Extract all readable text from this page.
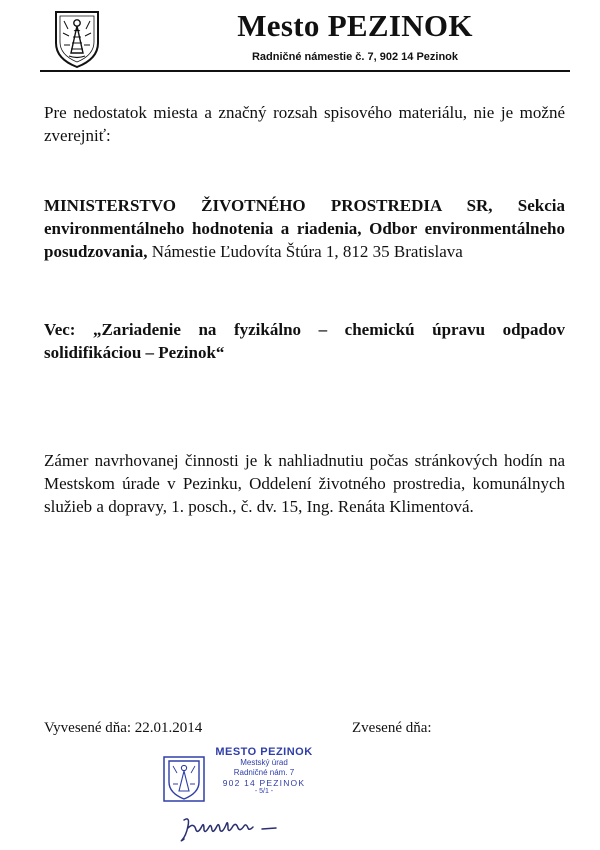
Mesto PEZINOK
Radničné námestie č. 7, 902 14 Pezinok
Pre nedostatok miesta a značný rozsah spisového materiálu, nie je možné zverejniť:
MINISTERSTVO ŽIVOTNÉHO PROSTREDIA SR, Sekcia environmentálneho hodnotenia a riadenia, Odbor environmentálneho posudzovania, Námestie Ľudovíta Štúra 1, 812 35 Bratislava
Vec: „Zariadenie na fyzikálno – chemickú úpravu odpadov solidifikáciou – Pezinok“
Zámer navrhovanej činnosti je k nahliadnutiu počas stránkových hodín na Mestskom úrade v Pezinku, Oddelení životného prostredia, komunálnych služieb a dopravy, 1. posch., č. dv. 15, Ing. Renáta Klimentová.
Vyvesené dňa: 22.01.2014	Zvesené dňa:
MESTO PEZINOK
Mestský úrad
Radničné nám. 7
902 14 PEZINOK
- 5/1 -
